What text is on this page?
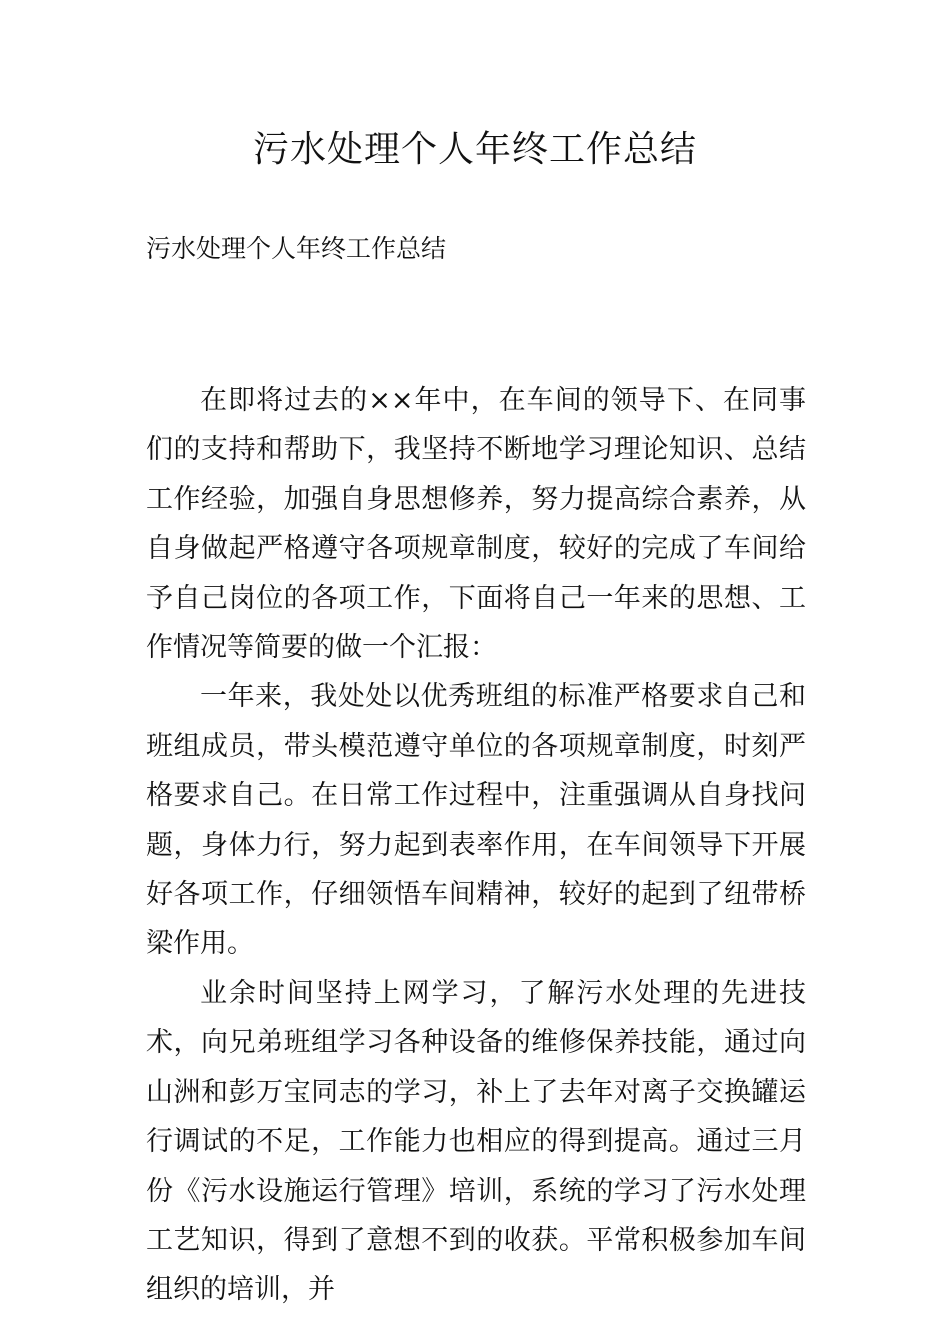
污水处理个人年终工作总结

污水处理个人年终工作总结

在即将过去的××年中，在车间的领导下、在同事们的支持和帮助下，我坚持不断地学习理论知识、总结工作经验，加强自身思想修养，努力提高综合素养，从自身做起严格遵守各项规章制度，较好的完成了车间给予自己岗位的各项工作，下面将自己一年来的思想、工作情况等简要的做一个汇报：

一年来，我处处以优秀班组的标准严格要求自己和班组成员，带头模范遵守单位的各项规章制度，时刻严格要求自己。在日常工作过程中，注重强调从自身找问题，身体力行，努力起到表率作用，在车间领导下开展好各项工作，仔细领悟车间精神，较好的起到了纽带桥梁作用。

业余时间坚持上网学习，了解污水处理的先进技术，向兄弟班组学习各种设备的维修保养技能，通过向山洲和彭万宝同志的学习，补上了去年对离子交换罐运行调试的不足，工作能力也相应的得到提高。通过三月份《污水设施运行管理》培训，系统的学习了污水处理工艺知识，得到了意想不到的收获。平常积极参加车间组织的培训，并
